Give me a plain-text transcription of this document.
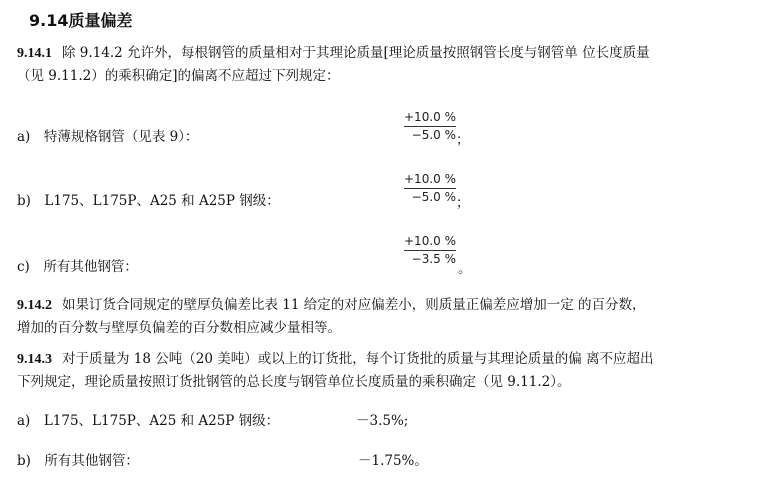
9.14质量偏差
9.14.1 除 9.14.2 允许外，每根钢管的质量相对于其理论质量[理论质量按照钢管长度与钢管单 位长度质量
（见 9.11.2）的乘积确定]的偏离不应超过下列规定：
a)　特薄规格钢管（见表 9）：
+10.0 %
−5.0 % ；
b)　L175、L175P、A25 和 A25P 钢级：
+10.0 %
−5.0 % ；
c)　所有其他钢管：
+10.0 %
−3.5 %
。
9.14.2 如果订货合同规定的壁厚负偏差比表 11 给定的对应偏差小，则质量正偏差应增加一定 的百分数，
增加的百分数与壁厚负偏差的百分数相应减少量相等。
9.14.3 对于质量为 18 公吨（20 美吨）或以上的订货批，每个订货批的质量与其理论质量的偏 离不应超出
下列规定，理论质量按照订货批钢管的总长度与钢管单位长度质量的乘积确定（见 9.11.2）。
a)　L175、L175P、A25 和 A25P 钢级：	－3.5%;
b)　所有其他钢管：	－1.75%。
